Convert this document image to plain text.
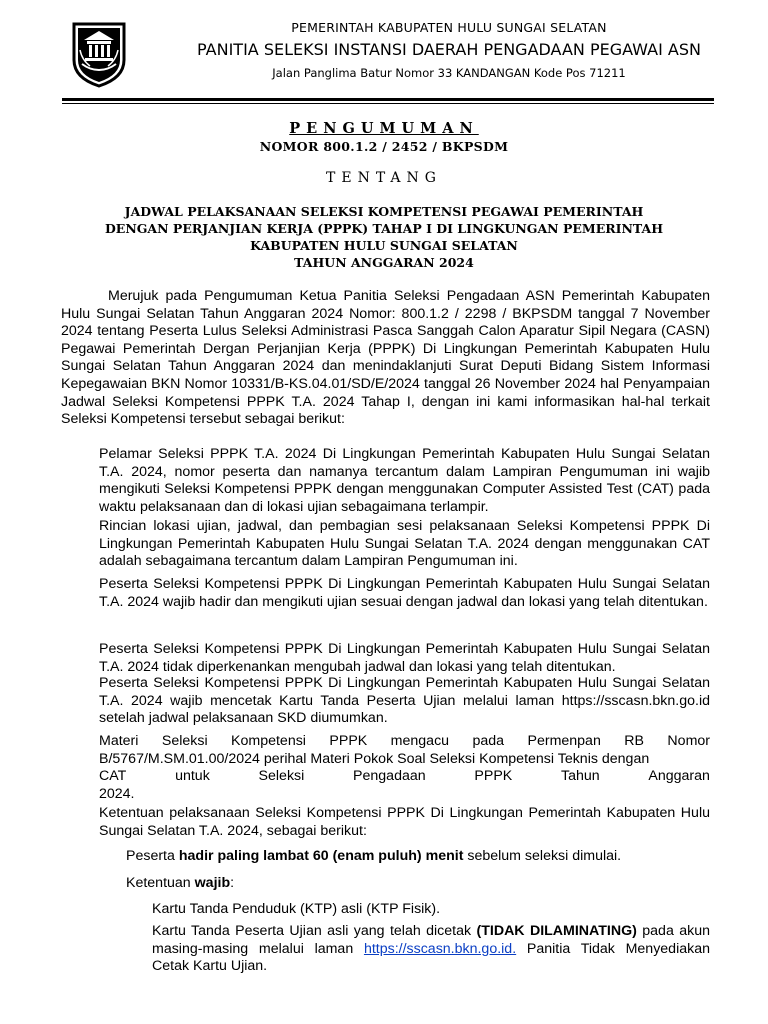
PEMERINTAH KABUPATEN HULU SUNGAI SELATAN
PANITIA SELEKSI INSTANSI DAERAH PENGADAAN PEGAWAI ASN
Jalan Panglima Batur Nomor 33 KANDANGAN Kode Pos 71211
PENGUMUMAN
NOMOR 800.1.2 / 2452 / BKPSDM
TENTANG
JADWAL PELAKSANAAN SELEKSI KOMPETENSI PEGAWAI PEMERINTAH
DENGAN PERJANJIAN KERJA (PPPK) TAHAP I DI LINGKUNGAN PEMERINTAH
KABUPATEN HULU SUNGAI SELATAN
TAHUN ANGGARAN 2024
Merujuk pada Pengumuman Ketua Panitia Seleksi Pengadaan ASN Pemerintah Kabupaten Hulu Sungai Selatan Tahun Anggaran 2024 Nomor: 800.1.2 / 2298 / BKPSDM tanggal 7 November 2024 tentang Peserta Lulus Seleksi Administrasi Pasca Sanggah Calon Aparatur Sipil Negara (CASN) Pegawai Pemerintah Dergan Perjanjian Kerja (PPPK) Di Lingkungan Pemerintah Kabupaten Hulu Sungai Selatan Tahun Anggaran 2024 dan menindaklanjuti Surat Deputi Bidang Sistem Informasi Kepegawaian BKN Nomor 10331/B-KS.04.01/SD/E/2024 tanggal 26 November 2024 hal Penyampaian Jadwal Seleksi Kompetensi PPPK T.A. 2024 Tahap I, dengan ini kami informasikan hal-hal terkait Seleksi Kompetensi tersebut sebagai berikut:
Pelamar Seleksi PPPK T.A. 2024 Di Lingkungan Pemerintah Kabupaten Hulu Sungai Selatan T.A. 2024, nomor peserta dan namanya tercantum dalam Lampiran Pengumuman ini wajib mengikuti Seleksi Kompetensi PPPK dengan menggunakan Computer Assisted Test (CAT) pada waktu pelaksanaan dan di lokasi ujian sebagaimana terlampir.
Rincian lokasi ujian, jadwal, dan pembagian sesi pelaksanaan Seleksi Kompetensi PPPK Di Lingkungan Pemerintah Kabupaten Hulu Sungai Selatan T.A. 2024 dengan menggunakan CAT adalah sebagaimana tercantum dalam Lampiran Pengumuman ini.
Peserta Seleksi Kompetensi PPPK Di Lingkungan Pemerintah Kabupaten Hulu Sungai Selatan T.A. 2024 wajib hadir dan mengikuti ujian sesuai dengan jadwal dan lokasi yang telah ditentukan.
Peserta Seleksi Kompetensi PPPK Di Lingkungan Pemerintah Kabupaten Hulu Sungai Selatan T.A. 2024 tidak diperkenankan mengubah jadwal dan lokasi yang telah ditentukan.
Peserta Seleksi Kompetensi PPPK Di Lingkungan Pemerintah Kabupaten Hulu Sungai Selatan T.A. 2024 wajib mencetak Kartu Tanda Peserta Ujian melalui laman https://sscasn.bkn.go.id setelah jadwal pelaksanaan SKD diumumkan.
Materi Seleksi Kompetensi PPPK mengacu pada Permenpan RB Nomor B/5767/M.SM.01.00/2024 perihal Materi Pokok Soal Seleksi Kompetensi Teknis dengan
CAT	untuk	Seleksi	Pengadaan	PPPK	Tahun	Anggaran
2024.
Ketentuan pelaksanaan Seleksi Kompetensi PPPK Di Lingkungan Pemerintah Kabupaten Hulu Sungai Selatan T.A. 2024, sebagai berikut:
Peserta hadir paling lambat 60 (enam puluh) menit sebelum seleksi dimulai.
Ketentuan wajib:
Kartu Tanda Penduduk (KTP) asli (KTP Fisik).
Kartu Tanda Peserta Ujian asli yang telah dicetak (TIDAK DILAMINATING) pada akun masing-masing melalui laman https://sscasn.bkn.go.id. Panitia Tidak Menyediakan Cetak Kartu Ujian.
